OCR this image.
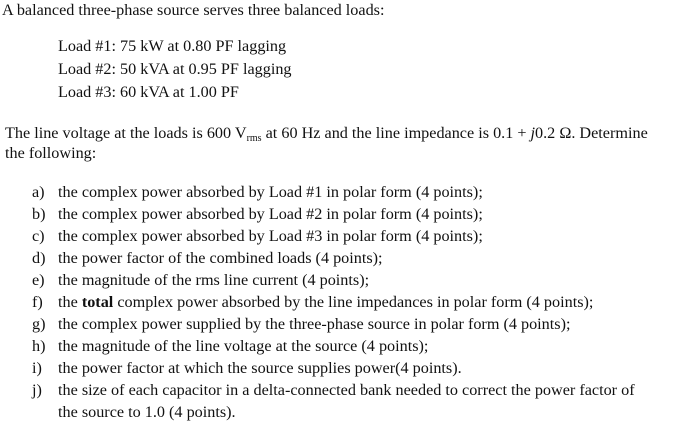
A balanced three-phase source serves three balanced loads:
Load #1: 75 kW at 0.80 PF lagging
Load #2: 50 kVA at 0.95 PF lagging
Load #3: 60 kVA at 1.00 PF
The line voltage at the loads is 600 $V_{rms}$ at 60 Hz and the line impedance is 0.1 + j0.2 Ω. Determine
the following:
a) the complex power absorbed by Load #1 in polar form (4 points);
b) the complex power absorbed by Load #2 in polar form (4 points);
c) the complex power absorbed by Load #3 in polar form (4 points);
d) the power factor of the combined loads (4 points);
e) the magnitude of the rms line current (4 points);
f) the total complex power absorbed by the line impedances in polar form (4 points);
g) the complex power supplied by the three-phase source in polar form (4 points);
h) the magnitude of the line voltage at the source (4 points);
i) the power factor at which the source supplies power(4 points).
j) the size of each capacitor in a delta-connected bank needed to correct the power factor of
the source to 1.0 (4 points).
